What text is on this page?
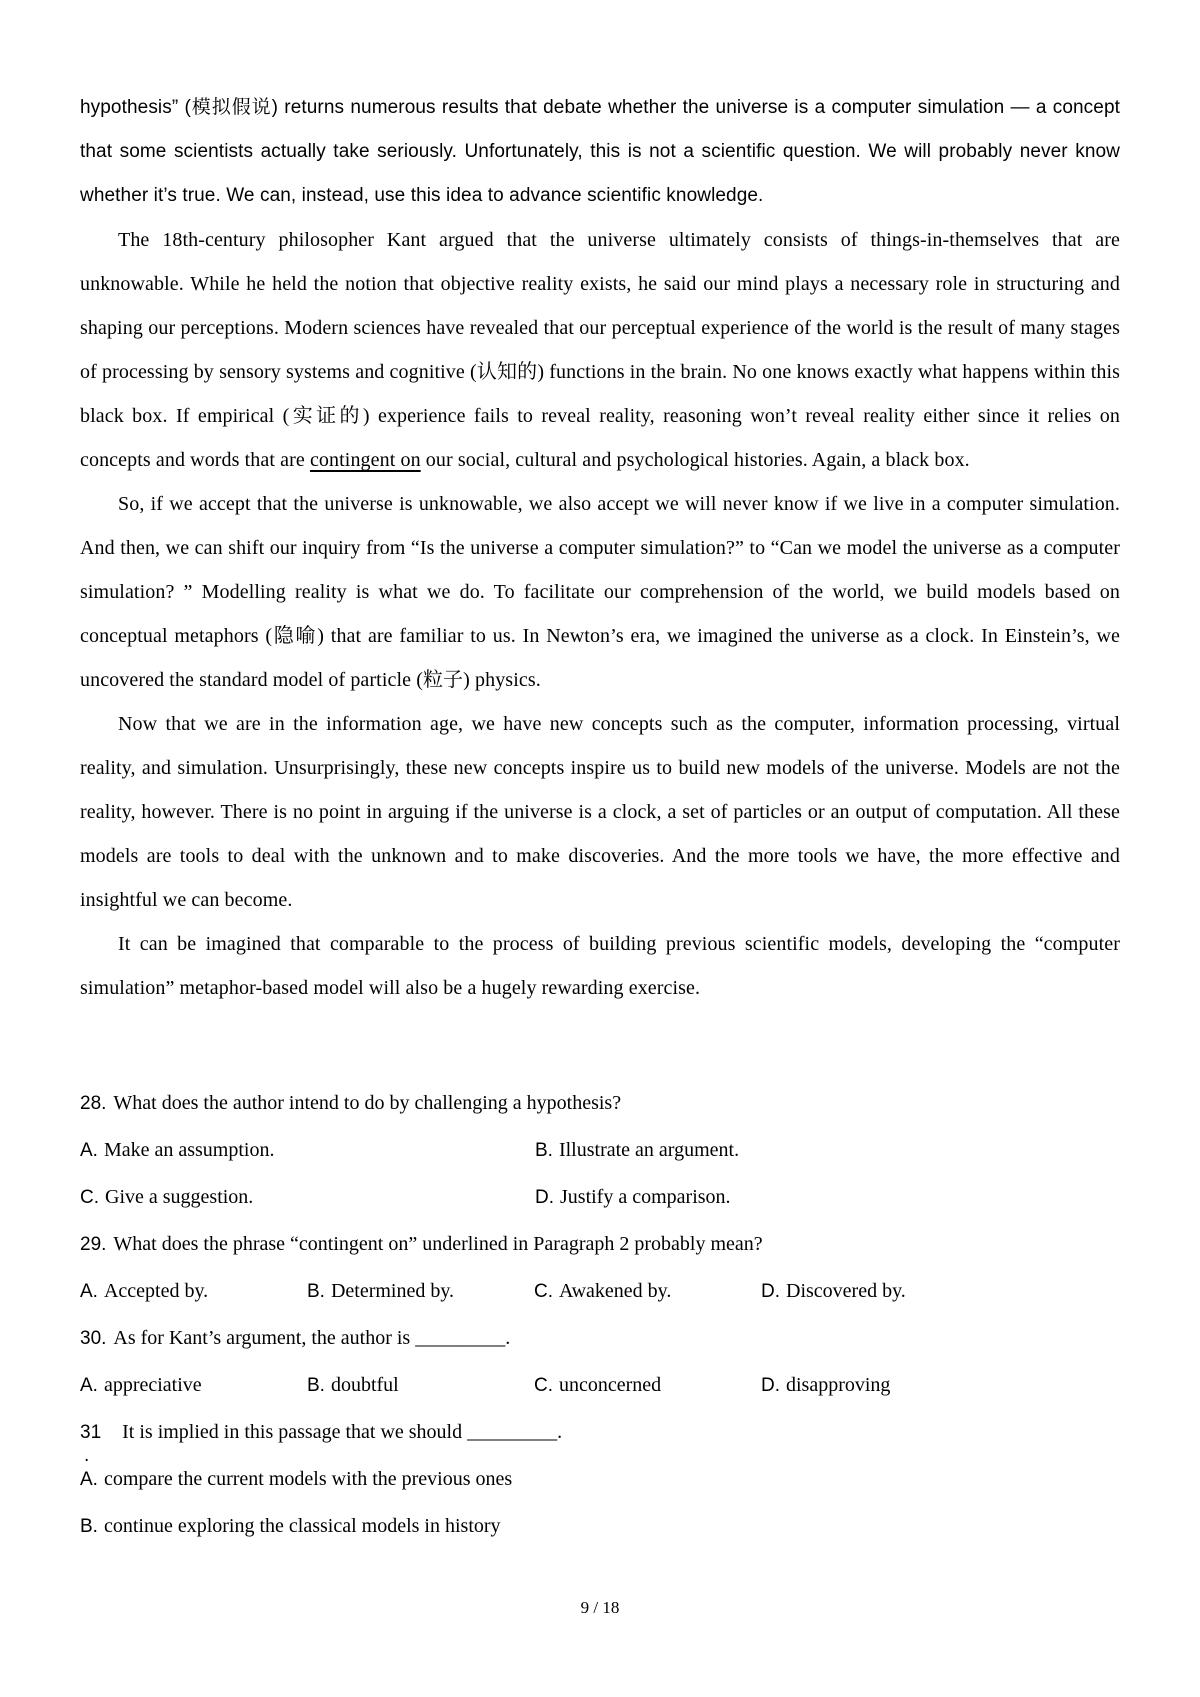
hypothesis” (模拟假说) returns numerous results that debate whether the universe is a computer simulation — a concept that some scientists actually take seriously. Unfortunately, this is not a scientific question. We will probably never know whether it’s true. We can, instead, use this idea to advance scientific knowledge.

The 18th-century philosopher Kant argued that the universe ultimately consists of things-in-themselves that are unknowable. While he held the notion that objective reality exists, he said our mind plays a necessary role in structuring and shaping our perceptions. Modern sciences have revealed that our perceptual experience of the world is the result of many stages of processing by sensory systems and cognitive (认知的) functions in the brain. No one knows exactly what happens within this black box. If empirical (实证的) experience fails to reveal reality, reasoning won’t reveal reality either since it relies on concepts and words that are contingent on our social, cultural and psychological histories. Again, a black box.

So, if we accept that the universe is unknowable, we also accept we will never know if we live in a computer simulation. And then, we can shift our inquiry from “Is the universe a computer simulation?” to “Can we model the universe as a computer simulation? ” Modelling reality is what we do. To facilitate our comprehension of the world, we build models based on conceptual metaphors (隐喻) that are familiar to us. In Newton’s era, we imagined the universe as a clock. In Einstein’s, we uncovered the standard model of particle (粒子) physics.

Now that we are in the information age, we have new concepts such as the computer, information processing, virtual reality, and simulation. Unsurprisingly, these new concepts inspire us to build new models of the universe. Models are not the reality, however. There is no point in arguing if the universe is a clock, a set of particles or an output of computation. All these models are tools to deal with the unknown and to make discoveries. And the more tools we have, the more effective and insightful we can become.

It can be imagined that comparable to the process of building previous scientific models, developing the “computer simulation” metaphor-based model will also be a hugely rewarding exercise.

28. What does the author intend to do by challenging a hypothesis?
A. Make an assumption.	B. Illustrate an argument.
C. Give a suggestion.	D. Justify a comparison.
29. What does the phrase “contingent on” underlined in Paragraph 2 probably mean?
A. Accepted by.	B. Determined by.	C. Awakened by.	D. Discovered by.
30. As for Kant’s argument, the author is _________.
A. appreciative	B. doubtful	C. unconcerned	D. disapproving
31
.
It is implied in this passage that we should _________.
A. compare the current models with the previous ones
B. continue exploring the classical models in history
9 / 18
